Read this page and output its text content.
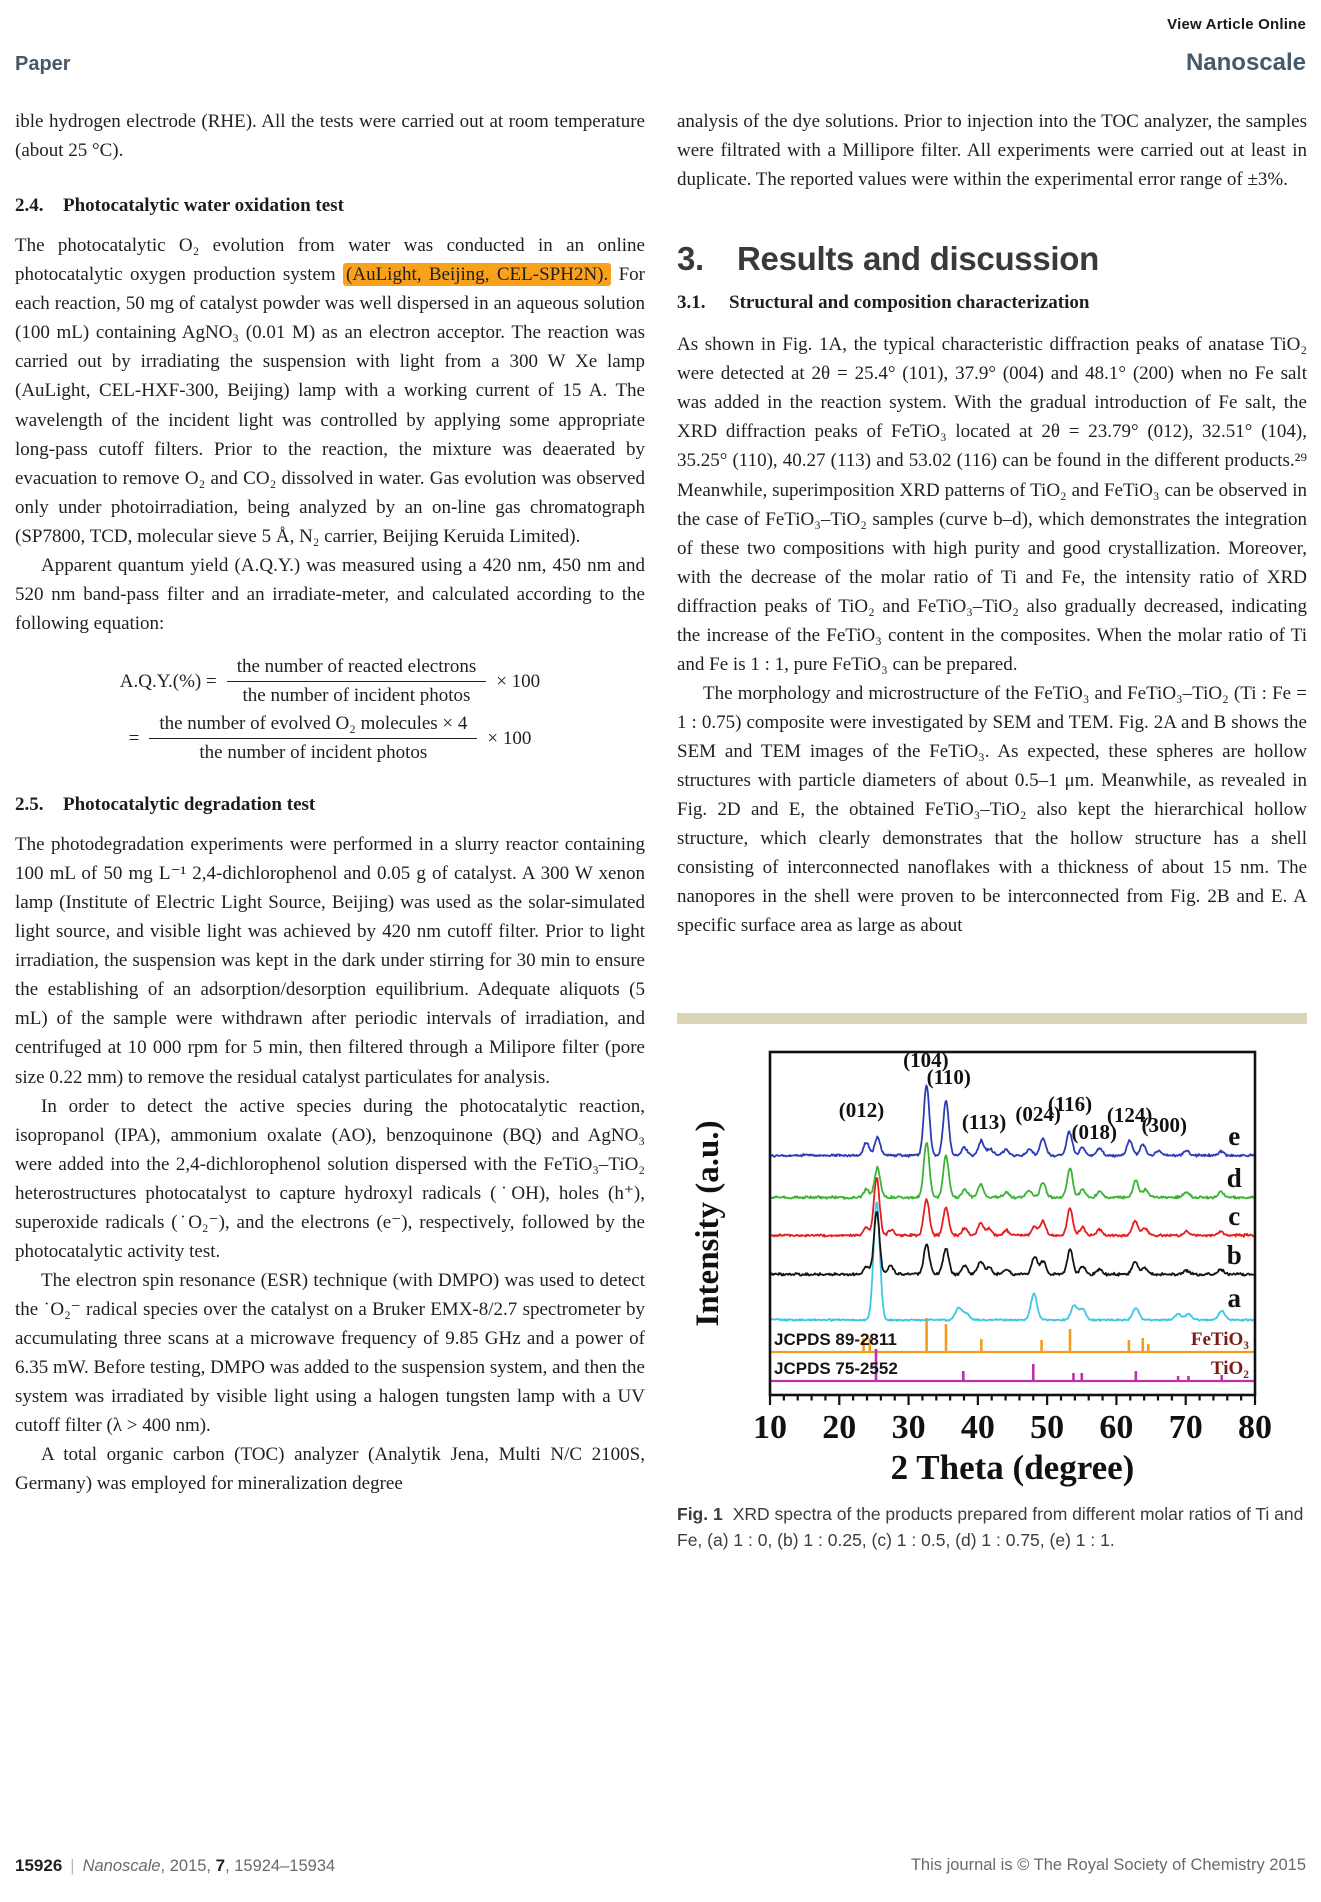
View Article Online
Paper	Nanoscale

ible hydrogen electrode (RHE). All the tests were carried out at room temperature (about 25 °C).

2.4. Photocatalytic water oxidation test

The photocatalytic O₂ evolution from water was conducted in an online photocatalytic oxygen production system (AuLight, Beijing, CEL-SPH2N). For each reaction, 50 mg of catalyst powder was well dispersed in an aqueous solution (100 mL) containing AgNO₃ (0.01 M) as an electron acceptor. The reaction was carried out by irradiating the suspension with light from a 300 W Xe lamp (AuLight, CEL-HXF-300, Beijing) lamp with a working current of 15 A. The wavelength of the incident light was controlled by applying some appropriate long-pass cutoff filters. Prior to the reaction, the mixture was deaerated by evacuation to remove O₂ and CO₂ dissolved in water. Gas evolution was observed only under photoirradiation, being analyzed by an on-line gas chromatograph (SP7800, TCD, molecular sieve 5 Å, N₂ carrier, Beijing Keruida Limited).

Apparent quantum yield (A.Q.Y.) was measured using a 420 nm, 450 nm and 520 nm band-pass filter and an irradiate-meter, and calculated according to the following equation:

$A.Q.Y.(\%) = \frac{\text{the number of reacted electrons}}{\text{the number of incident photos}} \times 100$
= $\frac{\text{the number of evolved O₂ molecules × 4}}{\text{the number of incident photos}} \times 100$
2.5. Photocatalytic degradation test

The photodegradation experiments were performed in a slurry reactor containing 100 mL of 50 mg L⁻¹ 2,4-dichlorophenol and 0.05 g of catalyst. A 300 W xenon lamp (Institute of Electric Light Source, Beijing) was used as the solar-simulated light source, and visible light was achieved by 420 nm cutoff filter. Prior to light irradiation, the suspension was kept in the dark under stirring for 30 min to ensure the establishing of an adsorption/desorption equilibrium. Adequate aliquots (5 mL) of the sample were withdrawn after periodic intervals of irradiation, and centrifuged at 10 000 rpm for 5 min, then filtered through a Milipore filter (pore size 0.22 mm) to remove the residual catalyst particulates for analysis.

In order to detect the active species during the photocatalytic reaction, isopropanol (IPA), ammonium oxalate (AO), benzoquinone (BQ) and AgNO₃ were added into the 2,4-dichlorophenol solution dispersed with the FeTiO₃–TiO₂ heterostructures photocatalyst to capture hydroxyl radicals (˙OH), holes (h⁺), superoxide radicals (˙O₂⁻), and the electrons (e⁻), respectively, followed by the photocatalytic activity test.

The electron spin resonance (ESR) technique (with DMPO) was used to detect the ˙O₂⁻ radical species over the catalyst on a Bruker EMX-8/2.7 spectrometer by accumulating three scans at a microwave frequency of 9.85 GHz and a power of 6.35 mW. Before testing, DMPO was added to the suspension system, and then the system was irradiated by visible light using a halogen tungsten lamp with a UV cutoff filter (λ > 400 nm).

A total organic carbon (TOC) analyzer (Analytik Jena, Multi N/C 2100S, Germany) was employed for mineralization degree

analysis of the dye solutions. Prior to injection into the TOC analyzer, the samples were filtrated with a Millipore filter. All experiments were carried out at least in duplicate. The reported values were within the experimental error range of ±3%.

3. Results and discussion
3.1. Structural and composition characterization

As shown in Fig. 1A, the typical characteristic diffraction peaks of anatase TiO₂ were detected at 2θ = 25.4° (101), 37.9° (004) and 48.1° (200) when no Fe salt was added in the reaction system. With the gradual introduction of Fe salt, the XRD diffraction peaks of FeTiO₃ located at 2θ = 23.79° (012), 32.51° (104), 35.25° (110), 40.27 (113) and 53.02 (116) can be found in the different products.²⁹ Meanwhile, superimposition XRD patterns of TiO₂ and FeTiO₃ can be observed in the case of FeTiO₃–TiO₂ samples (curve b–d), which demonstrates the integration of these two compositions with high purity and good crystallization. Moreover, with the decrease of the molar ratio of Ti and Fe, the intensity ratio of XRD diffraction peaks of TiO₂ and FeTiO₃–TiO₂ also gradually decreased, indicating the increase of the FeTiO₃ content in the composites. When the molar ratio of Ti and Fe is 1 : 1, pure FeTiO₃ can be prepared.

The morphology and microstructure of the FeTiO₃ and FeTiO₃–TiO₂ (Ti : Fe = 1 : 0.75) composite were investigated by SEM and TEM. Fig. 2A and B shows the SEM and TEM images of the FeTiO₃. As expected, these spheres are hollow structures with particle diameters of about 0.5–1 μm. Meanwhile, as revealed in Fig. 2D and E, the obtained FeTiO₃–TiO₂ also kept the hierarchical hollow structure, which clearly demonstrates that the hollow structure has a shell consisting of interconnected nanoflakes with a thickness of about 15 nm. The nanopores in the shell were proven to be interconnected from Fig. 2B and E. A specific surface area as large as about

JCPDS 89-2811	FeTiO₃
JCPDS 75-2552	TiO₂
a
b
c
d
e
(012)
(104)
(110)
(113) (024)
(116)
(018)
(124)
(300)
10 20 30 40 50 60 70 80
2 Theta (degree)
Intensity (a.u.)

Fig. 1 XRD spectra of the products prepared from different molar ratios of Ti and Fe, (a) 1 : 0, (b) 1 : 0.25, (c) 1 : 0.5, (d) 1 : 0.75, (e) 1 : 1.

15926 | Nanoscale, 2015, 7, 15924–15934	This journal is © The Royal Society of Chemistry 2015
